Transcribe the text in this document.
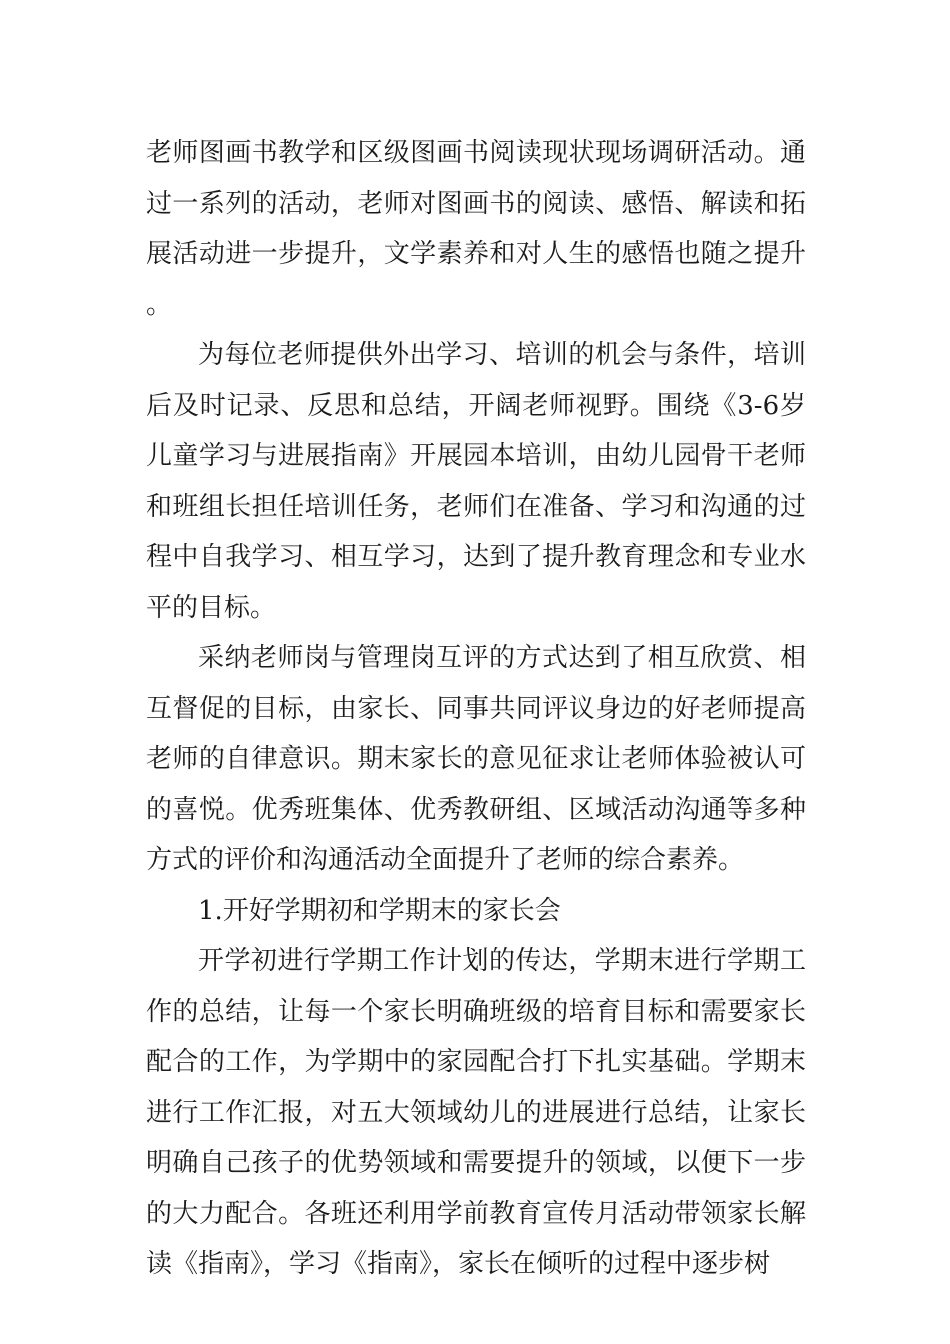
老师图画书教学和区级图画书阅读现状现场调研活动。通过一系列的活动，老师对图画书的阅读、感悟、解读和拓展活动进一步提升，文学素养和对人生的感悟也随之提升。

为每位老师提供外出学习、培训的机会与条件，培训后及时记录、反思和总结，开阔老师视野。围绕《3-6岁儿童学习与进展指南》开展园本培训，由幼儿园骨干老师和班组长担任培训任务，老师们在准备、学习和沟通的过程中自我学习、相互学习，达到了提升教育理念和专业水平的目标。

采纳老师岗与管理岗互评的方式达到了相互欣赏、相互督促的目标，由家长、同事共同评议身边的好老师提高老师的自律意识。期末家长的意见征求让老师体验被认可的喜悦。优秀班集体、优秀教研组、区域活动沟通等多种方式的评价和沟通活动全面提升了老师的综合素养。

1.开好学期初和学期末的家长会

开学初进行学期工作计划的传达，学期末进行学期工作的总结，让每一个家长明确班级的培育目标和需要家长配合的工作，为学期中的家园配合打下扎实基础。学期末进行工作汇报，对五大领域幼儿的进展进行总结，让家长明确自己孩子的优势领域和需要提升的领域，以便下一步的大力配合。各班还利用学前教育宣传月活动带领家长解读《指南》，学习《指南》，家长在倾听的过程中逐步树
